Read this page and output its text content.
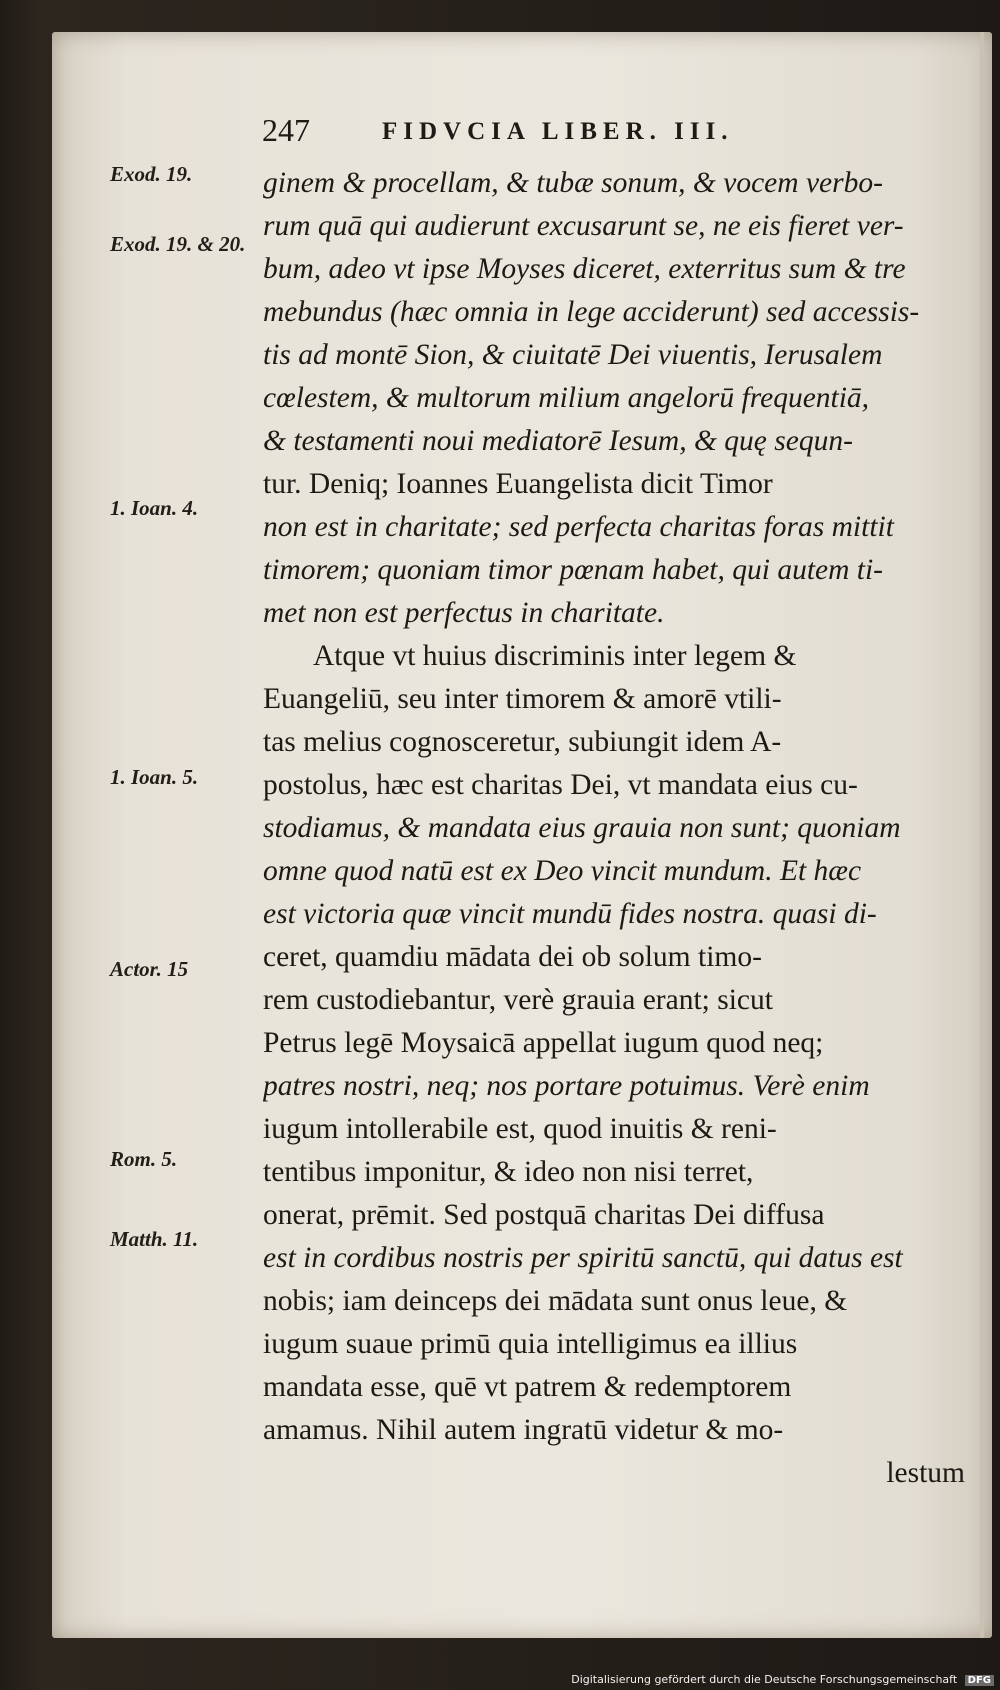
247	FIDVCIA LIBER. III.
Exod. 19.
Exod. 19. & 20.
1. Ioan. 4.
1. Ioan. 5.
Actor. 15
Rom. 5.
Matth. 11.
ginem & procellam, & tubæ sonum, & vocem verbo-
rum quā qui audierunt excusarunt se, ne eis fieret ver-
bum, adeo vt ipse Moyses diceret, exterritus sum & tre
mebundus (hæc omnia in lege acciderunt) sed accessis-
tis ad montē Sion, & ciuitatē Dei viuentis, Ierusalem
cœlestem, & multorum milium angelorū frequentiā,
& testamenti noui mediatorē Iesum, & quę sequn-
tur. Deniq; Ioannes Euangelista dicit Timor
non est in charitate; sed perfecta charitas foras mittit
timorem; quoniam timor pœnam habet, qui autem ti-
met non est perfectus in charitate.
Atque vt huius discriminis inter legem &
Euangeliū, seu inter timorem & amorē vtili-
tas melius cognosceretur, subiungit idem A-
postolus, hæc est charitas Dei, vt mandata eius cu-
stodiamus, & mandata eius grauia non sunt; quoniam
omne quod natū est ex Deo vincit mundum. Et hæc
est victoria quæ vincit mundū fides nostra. quasi di-
ceret, quamdiu mādata dei ob solum timo-
rem custodiebantur, verè grauia erant; sicut
Petrus legē Moysaicā appellat iugum quod neq;
patres nostri, neq; nos portare potuimus. Verè enim
iugum intollerabile est, quod inuitis & reni-
tentibus imponitur, & ideo non nisi terret,
onerat, prēmit. Sed postquā charitas Dei diffusa
est in cordibus nostris per spiritū sanctū, qui datus est
nobis; iam deinceps dei mādata sunt onus leue, &
iugum suaue primū quia intelligimus ea illius
mandata esse, quē vt patrem & redemptorem
amamus. Nihil autem ingratū videtur & mo-
lestum
Digitalisierung gefördert durch die Deutsche Forschungsgemeinschaft DFG
